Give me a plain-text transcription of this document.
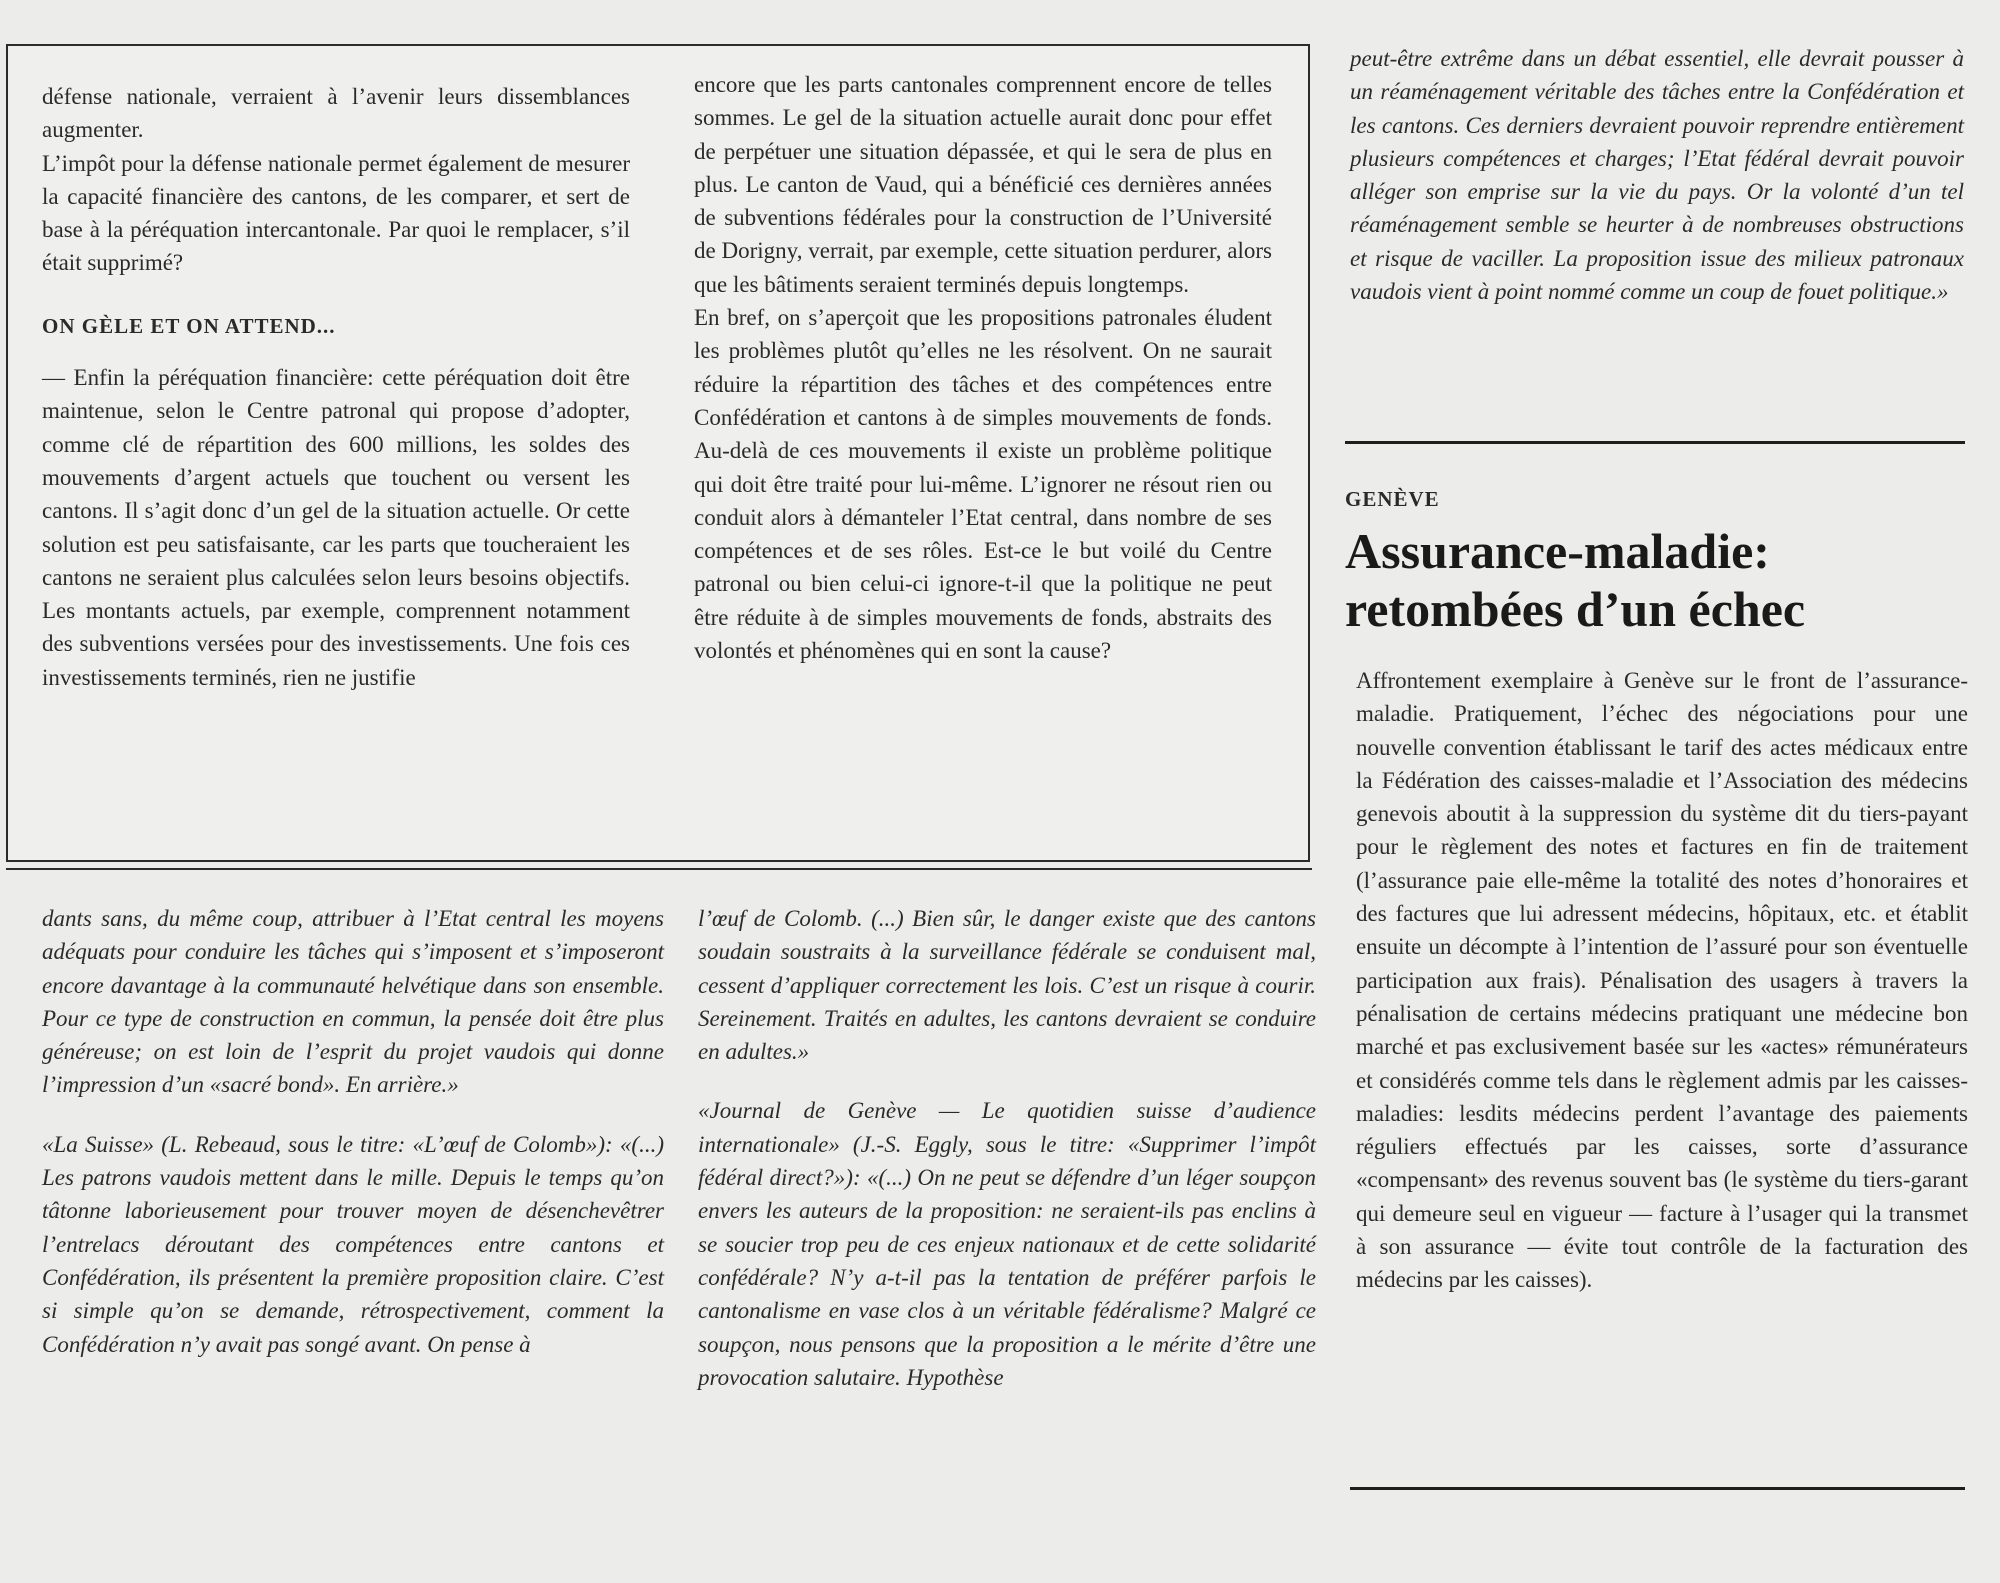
défense nationale, verraient à l’avenir leurs dissemblances augmenter.

L’impôt pour la défense nationale permet également de mesurer la capacité financière des cantons, de les comparer, et sert de base à la péréquation intercantonale. Par quoi le remplacer, s’il était supprimé?

ON GÈLE ET ON ATTEND...

— Enfin la péréquation financière: cette péréquation doit être maintenue, selon le Centre patronal qui propose d’adopter, comme clé de répartition des 600 millions, les soldes des mouvements d’argent actuels que touchent ou versent les cantons. Il s’agit donc d’un gel de la situation actuelle. Or cette solution est peu satisfaisante, car les parts que toucheraient les cantons ne seraient plus calculées selon leurs besoins objectifs. Les montants actuels, par exemple, comprennent notamment des subventions versées pour des investissements. Une fois ces investissements terminés, rien ne justifie

encore que les parts cantonales comprennent encore de telles sommes. Le gel de la situation actuelle aurait donc pour effet de perpétuer une situation dépassée, et qui le sera de plus en plus. Le canton de Vaud, qui a bénéficié ces dernières années de subventions fédérales pour la construction de l’Université de Dorigny, verrait, par exemple, cette situation perdurer, alors que les bâtiments seraient terminés depuis longtemps.

En bref, on s’aperçoit que les propositions patronales éludent les problèmes plutôt qu’elles ne les résolvent. On ne saurait réduire la répartition des tâches et des compétences entre Confédération et cantons à de simples mouvements de fonds. Au-delà de ces mouvements il existe un problème politique qui doit être traité pour lui-même. L’ignorer ne résout rien ou conduit alors à démanteler l’Etat central, dans nombre de ses compétences et de ses rôles. Est-ce le but voilé du Centre patronal ou bien celui-ci ignore-t-il que la politique ne peut être réduite à de simples mouvements de fonds, abstraits des volontés et phénomènes qui en sont la cause?

dants sans, du même coup, attribuer à l’Etat central les moyens adéquats pour conduire les tâches qui s’imposent et s’imposeront encore davantage à la communauté helvétique dans son ensemble. Pour ce type de construction en commun, la pensée doit être plus généreuse; on est loin de l’esprit du projet vaudois qui donne l’impression d’un «sacré bond». En arrière.»

«La Suisse» (L. Rebeaud, sous le titre: «L’œuf de Colomb»): «(...) Les patrons vaudois mettent dans le mille. Depuis le temps qu’on tâtonne laborieusement pour trouver moyen de désenchevêtrer l’entrelacs déroutant des compétences entre cantons et Confédération, ils présentent la première proposition claire. C’est si simple qu’on se demande, rétrospectivement, comment la Confédération n’y avait pas songé avant. On pense à

l’œuf de Colomb. (...) Bien sûr, le danger existe que des cantons soudain soustraits à la surveillance fédérale se conduisent mal, cessent d’appliquer correctement les lois. C’est un risque à courir. Sereinement. Traités en adultes, les cantons devraient se conduire en adultes.»

«Journal de Genève — Le quotidien suisse d’audience internationale» (J.-S. Eggly, sous le titre: «Supprimer l’impôt fédéral direct?»): «(...) On ne peut se défendre d’un léger soupçon envers les auteurs de la proposition: ne seraient-ils pas enclins à se soucier trop peu de ces enjeux nationaux et de cette solidarité confédérale? N’y a-t-il pas la tentation de préférer parfois le cantonalisme en vase clos à un véritable fédéralisme? Malgré ce soupçon, nous pensons que la proposition a le mérite d’être une provocation salutaire. Hypothèse

peut-être extrême dans un débat essentiel, elle devrait pousser à un réaménagement véritable des tâches entre la Confédération et les cantons. Ces derniers devraient pouvoir reprendre entièrement plusieurs compétences et charges; l’Etat fédéral devrait pouvoir alléger son emprise sur la vie du pays. Or la volonté d’un tel réaménagement semble se heurter à de nombreuses obstructions et risque de vaciller. La proposition issue des milieux patronaux vaudois vient à point nommé comme un coup de fouet politique.»

GENÈVE
Assurance-maladie:
retombées d’un échec

Affrontement exemplaire à Genève sur le front de l’assurance-maladie. Pratiquement, l’échec des négociations pour une nouvelle convention établissant le tarif des actes médicaux entre la Fédération des caisses-maladie et l’Association des médecins genevois aboutit à la suppression du système dit du tiers-payant pour le règlement des notes et factures en fin de traitement (l’assurance paie elle-même la totalité des notes d’honoraires et des factures que lui adressent médecins, hôpitaux, etc. et établit ensuite un décompte à l’intention de l’assuré pour son éventuelle participation aux frais). Pénalisation des usagers à travers la pénalisation de certains médecins pratiquant une médecine bon marché et pas exclusivement basée sur les «actes» rémunérateurs et considérés comme tels dans le règlement admis par les caisses-maladies: lesdits médecins perdent l’avantage des paiements réguliers effectués par les caisses, sorte d’assurance «compensant» des revenus souvent bas (le système du tiers-garant qui demeure seul en vigueur — facture à l’usager qui la transmet à son assurance — évite tout contrôle de la facturation des médecins par les caisses).
